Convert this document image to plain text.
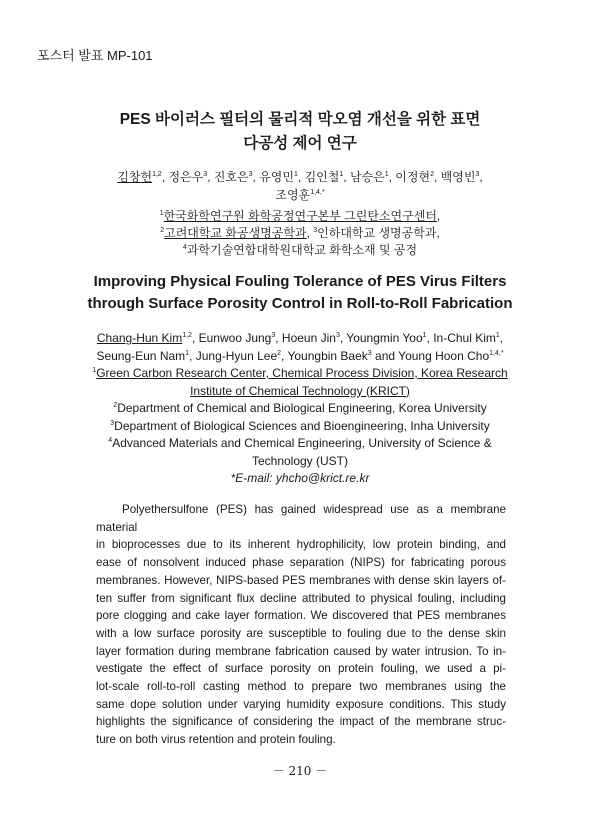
포스터 발표 MP-101
PES 바이러스 필터의 물리적 막오염 개선을 위한 표면
다공성 제어 연구
김창헌$^{1,2}$, 정은우$^3$, 진호은$^3$, 유영민$^1$, 김인철$^1$, 남승은$^1$, 이정현$^2$, 백영빈$^3$,
조영훈$^{1,4,*}$
$^1$한국화학연구원 화학공정연구본부 그린탄소연구센터,
$^2$고려대학교 화공생명공학과, $^3$인하대학교 생명공학과,
$^4$과학기술연합대학원대학교 화학소재 및 공정
Improving Physical Fouling Tolerance of PES Virus Filters
through Surface Porosity Control in Roll-to-Roll Fabrication
Chang-Hun Kim$^{1,2}$, Eunwoo Jung$^3$, Hoeun Jin$^3$, Youngmin Yoo$^1$, In-Chul Kim$^1$,
Seung-Eun Nam$^1$, Jung-Hyun Lee$^2$, Youngbin Baek$^3$ and Young Hoon Cho$^{1,4,*}$
$^1$Green Carbon Research Center, Chemical Process Division, Korea Research
Institute of Chemical Technology (KRICT)
$^2$Department of Chemical and Biological Engineering, Korea University
$^3$Department of Biological Sciences and Bioengineering, Inha University
$^4$Advanced Materials and Chemical Engineering, University of Science &
Technology (UST)
*E-mail: yhcho@krict.re.kr
Polyethersulfone (PES) has gained widespread use as a membrane material
in bioprocesses due to its inherent hydrophilicity, low protein binding, and
ease of nonsolvent induced phase separation (NIPS) for fabricating porous
membranes. However, NIPS-based PES membranes with dense skin layers of-
ten suffer from significant flux decline attributed to physical fouling, including
pore clogging and cake layer formation. We discovered that PES membranes
with a low surface porosity are susceptible to fouling due to the dense skin
layer formation during membrane fabrication caused by water intrusion. To in-
vestigate the effect of surface porosity on protein fouling, we used a pi-
lot-scale roll-to-roll casting method to prepare two membranes using the
same dope solution under varying humidity exposure conditions. This study
highlights the significance of considering the impact of the membrane struc-
ture on both virus retention and protein fouling.
－ 210 －
